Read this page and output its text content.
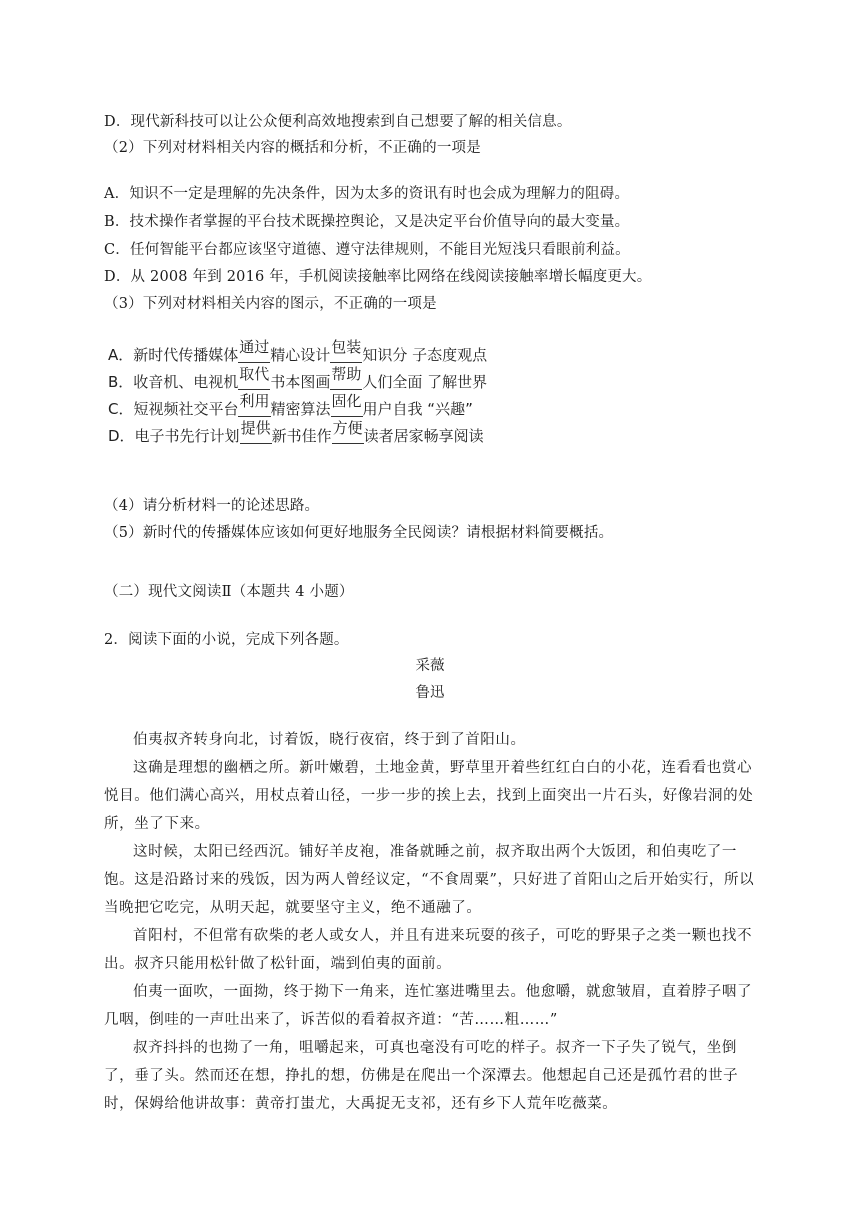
D．现代新科技可以让公众便利高效地搜索到自己想要了解的相关信息。
（2）下列对材料相关内容的概括和分析，不正确的一项是
A．知识不一定是理解的先决条件，因为太多的资讯有时也会成为理解力的阻碍。
B．技术操作者掌握的平台技术既操控舆论，又是决定平台价值导向的最大变量。
C．任何智能平台都应该坚守道德、遵守法律规则，不能目光短浅只看眼前利益。
D．从 2008 年到 2016 年，手机阅读接触率比网络在线阅读接触率增长幅度更大。
（3）下列对材料相关内容的图示，不正确的一项是
A．新时代传播媒体通过
精心设计包装
知识分 子态度观点
B．收音机、电视机取代
书本图画帮助
人们全面 了解世界
C．短视频社交平台利用
精密算法固化
用户自我 “兴趣”
D．电子书先行计划提供
新书佳作方便
读者居家畅享阅读
（4）请分析材料一的论述思路。
（5）新时代的传播媒体应该如何更好地服务全民阅读？请根据材料简要概括。
（二）现代文阅读Ⅱ（本题共 4 小题）
2．阅读下面的小说，完成下列各题。
采薇
鲁迅
伯夷叔齐转身向北，讨着饭，晓行夜宿，终于到了首阳山。
这确是理想的幽栖之所。新叶嫩碧，土地金黄，野草里开着些红红白白的小花，连看看也赏心悦目。他们满心高兴，用杖点着山径，一步一步的挨上去，找到上面突出一片石头，好像岩洞的处所，坐了下来。
这时候，太阳已经西沉。铺好羊皮袍，准备就睡之前，叔齐取出两个大饭团，和伯夷吃了一饱。这是沿路讨来的残饭，因为两人曾经议定，“不食周粟”，只好进了首阳山之后开始实行，所以当晚把它吃完，从明天起，就要坚守主义，绝不通融了。
首阳村，不但常有砍柴的老人或女人，并且有进来玩耍的孩子，可吃的野果子之类一颗也找不出。叔齐只能用松针做了松针面，端到伯夷的面前。
伯夷一面吹，一面拗，终于拗下一角来，连忙塞进嘴里去。他愈嚼，就愈皱眉，直着脖子咽了几咽，倒哇的一声吐出来了，诉苦似的看着叔齐道：“苦……粗……”
叔齐抖抖的也拗了一角，咀嚼起来，可真也毫没有可吃的样子。叔齐一下子失了锐气，坐倒了，垂了头。然而还在想，挣扎的想，仿佛是在爬出一个深潭去。他想起自己还是孤竹君的世子时，保姆给他讲故事：黄帝打蚩尤，大禹捉无支祁，还有乡下人荒年吃薇菜。
